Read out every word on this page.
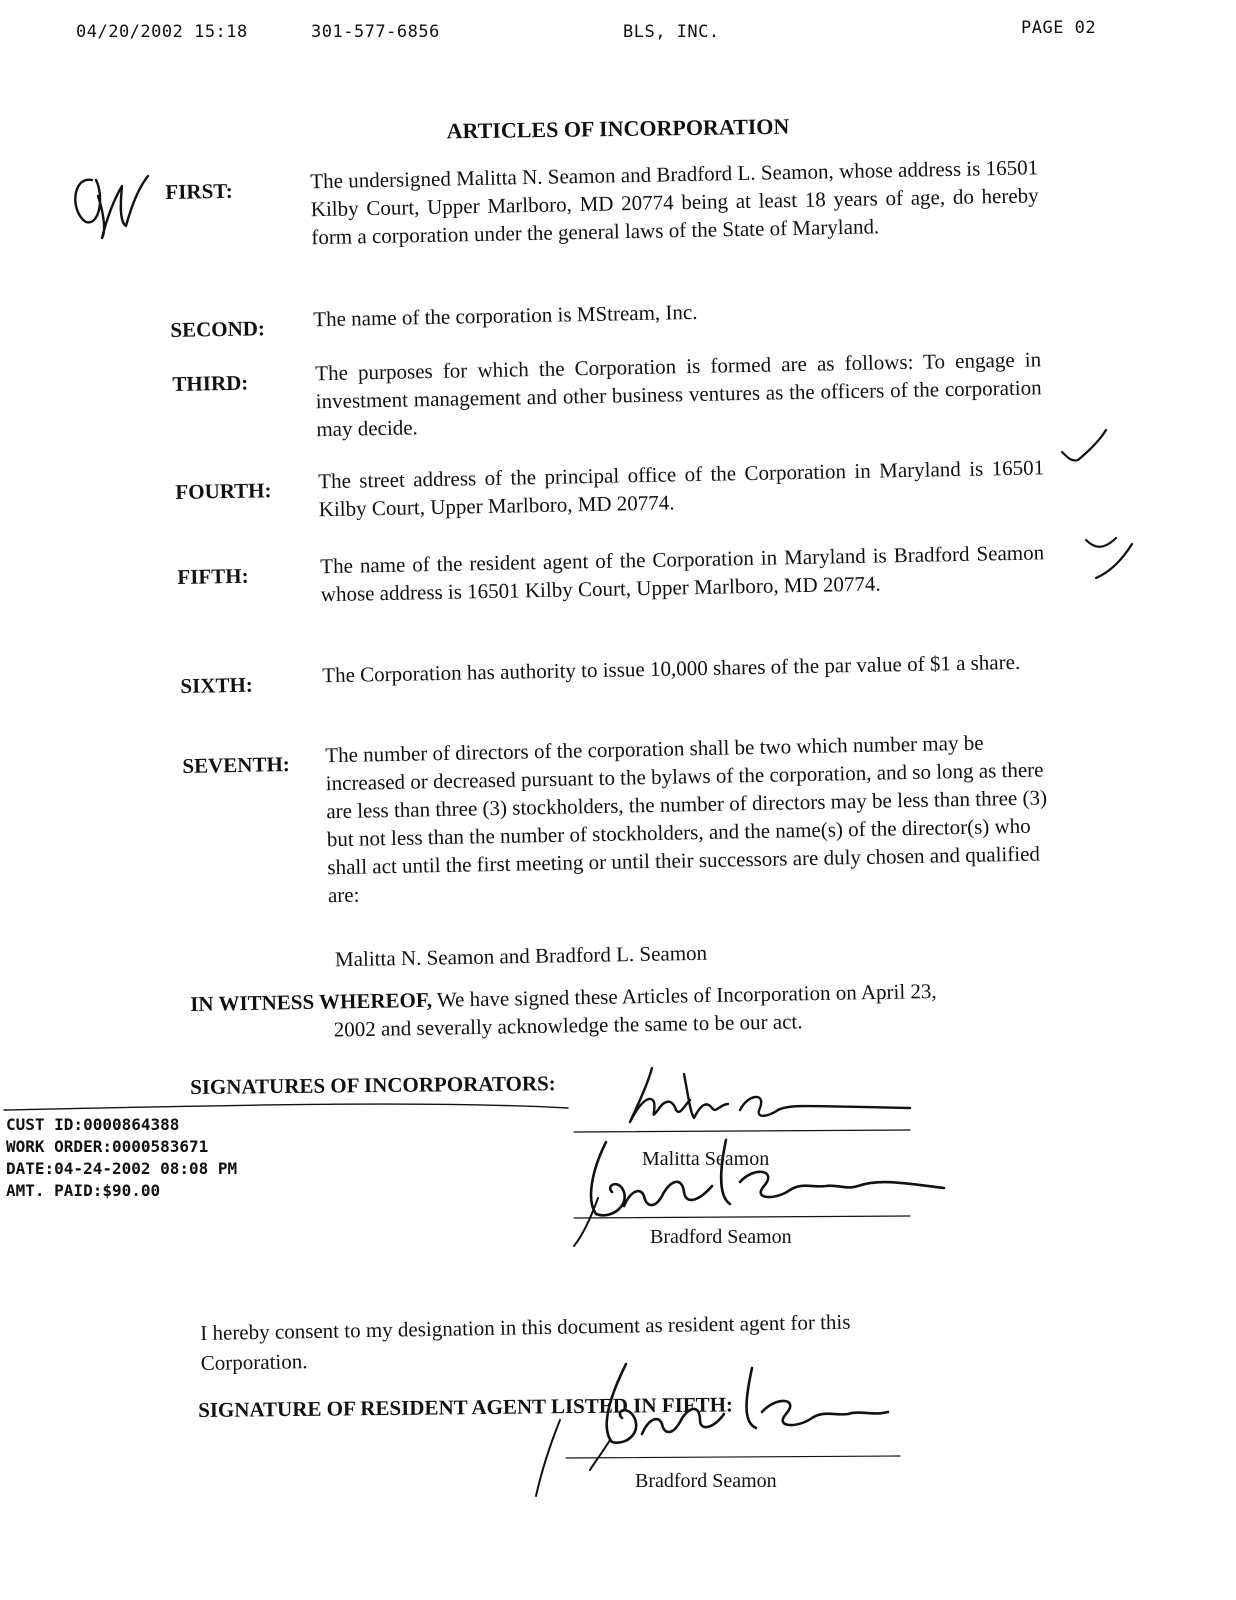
04/20/2002 15:18	301-577-6856	BLS, INC.	PAGE 02
ARTICLES OF INCORPORATION
FIRST:	The undersigned Malitta N. Seamon and Bradford L. Seamon, whose address is 16501 Kilby Court, Upper Marlboro, MD 20774 being at least 18 years of age, do hereby form a corporation under the general laws of the State of Maryland.
SECOND: The name of the corporation is MStream, Inc.
THIRD:	The purposes for which the Corporation is formed are as follows: To engage in investment management and other business ventures as the officers of the corporation may decide.
FOURTH: The street address of the principal office of the Corporation in Maryland is 16501 Kilby Court, Upper Marlboro, MD 20774.
FIFTH:	The name of the resident agent of the Corporation in Maryland is Bradford Seamon whose address is 16501 Kilby Court, Upper Marlboro, MD 20774.
SIXTH:	The Corporation has authority to issue 10,000 shares of the par value of $1 a share.
SEVENTH: The number of directors of the corporation shall be two which number may be increased or decreased pursuant to the bylaws of the corporation, and so long as there are less than three (3) stockholders, the number of directors may be less than three (3) but not less than the number of stockholders, and the name(s) of the director(s) who shall act until the first meeting or until their successors are duly chosen and qualified are:
Malitta N. Seamon and Bradford L. Seamon
IN WITNESS WHEREOF, We have signed these Articles of Incorporation on April 23,
2002 and severally acknowledge the same to be our act.
SIGNATURES OF INCORPORATORS:
CUST ID:0000864388
WORK ORDER:0000583671
DATE:04-24-2002 08:08 PM
AMT. PAID:$90.00
Malitta Seamon
Bradford Seamon
I hereby consent to my designation in this document as resident agent for this Corporation.
SIGNATURE OF RESIDENT AGENT LISTED IN FIFTH:
Bradford Seamon
